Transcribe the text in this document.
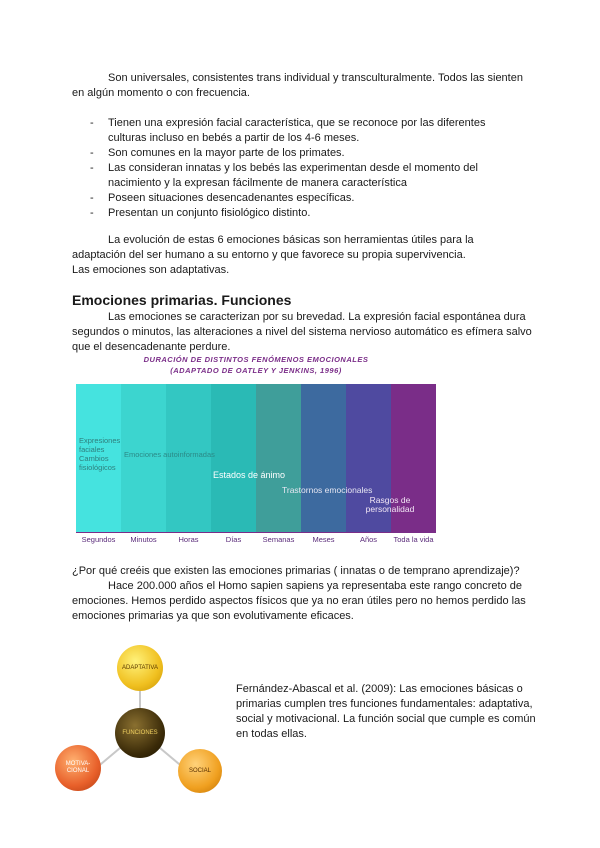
Son universales, consistentes trans individual y transculturalmente. Todos las sienten en algún momento o con frecuencia.
- Tienen una expresión facial característica, que se reconoce por las diferentes culturas incluso en bebés a partir de los 4-6 meses.
- Son comunes en la mayor parte de los primates.
- Las consideran innatas y los bebés las experimentan desde el momento del nacimiento y la expresan fácilmente de manera característica
- Poseen situaciones desencadenantes específicas.
- Presentan un conjunto fisiológico distinto.
La evolución de estas 6 emociones básicas son herramientas útiles para la adaptación del ser humano a su entorno y que favorece su propia supervivencia.
Las emociones son adaptativas.
Emociones primarias. Funciones
Las emociones se caracterizan por su brevedad. La expresión facial espontánea dura segundos o minutos, las alteraciones a nivel del sistema nervioso automático es efímera salvo que el desencadenante perdure.
DURACIÓN DE DISTINTOS FENÓMENOS EMOCIONALES
(ADAPTADO DE OATLEY Y JENKINS, 1996)
Segundos Minutos	Horas	Días	Semanas Meses	Años Toda la vida
Expresiones faciales Cambios fisiológicos
Emociones autoinformadas
Estados de ánimo
Trastornos emocionales
Rasgos de personalidad
¿Por qué creéis que existen las emociones primarias ( innatas o de temprano aprendizaje)?
Hace 200.000 años el Homo sapien sapiens ya representaba este rango concreto de emociones. Hemos perdido aspectos físicos que ya no eran útiles pero no hemos perdido las emociones primarias ya que son evolutivamente eficaces.
ADAPTATIVA
FUNCIONES
MOTIVA-CIONAL	SOCIAL
Fernández-Abascal et al. (2009): Las emociones básicas o primarias cumplen tres funciones fundamentales: adaptativa, social y motivacional. La función social que cumple es común en todas ellas.
